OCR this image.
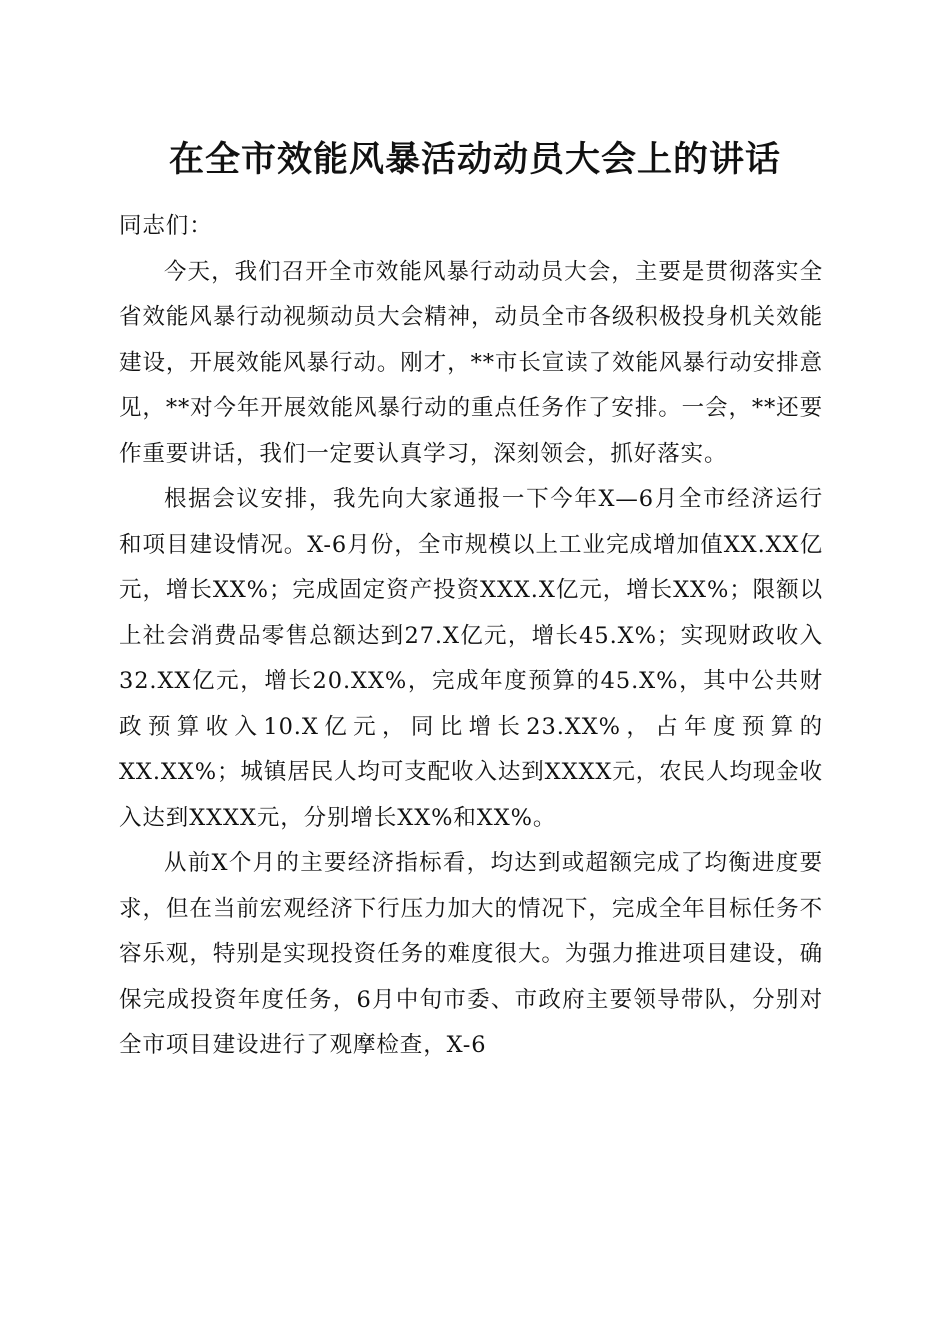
在全市效能风暴活动动员大会上的讲话

同志们：

今天，我们召开全市效能风暴行动动员大会，主要是贯彻落实全省效能风暴行动视频动员大会精神，动员全市各级积极投身机关效能建设，开展效能风暴行动。刚才，**市长宣读了效能风暴行动安排意见，**对今年开展效能风暴行动的重点任务作了安排。一会，**还要作重要讲话，我们一定要认真学习，深刻领会，抓好落实。

根据会议安排，我先向大家通报一下今年X—6月全市经济运行和项目建设情况。X-6月份，全市规模以上工业完成增加值XX.XX亿元，增长XX%；完成固定资产投资XXX.X亿元，增长XX%；限额以上社会消费品零售总额达到27.X亿元，增长45.X%；实现财政收入32.XX亿元，增长20.XX%，完成年度预算的45.X%，其中公共财政预算收入10.X亿元，同比增长23.XX%，占年度预算的XX.XX%；城镇居民人均可支配收入达到XXXX元，农民人均现金收入达到XXXX元，分别增长XX%和XX%。

从前X个月的主要经济指标看，均达到或超额完成了均衡进度要求，但在当前宏观经济下行压力加大的情况下，完成全年目标任务不容乐观，特别是实现投资任务的难度很大。为强力推进项目建设，确保完成投资年度任务，6月中旬市委、市政府主要领导带队，分别对全市项目建设进行了观摩检查，X-6
